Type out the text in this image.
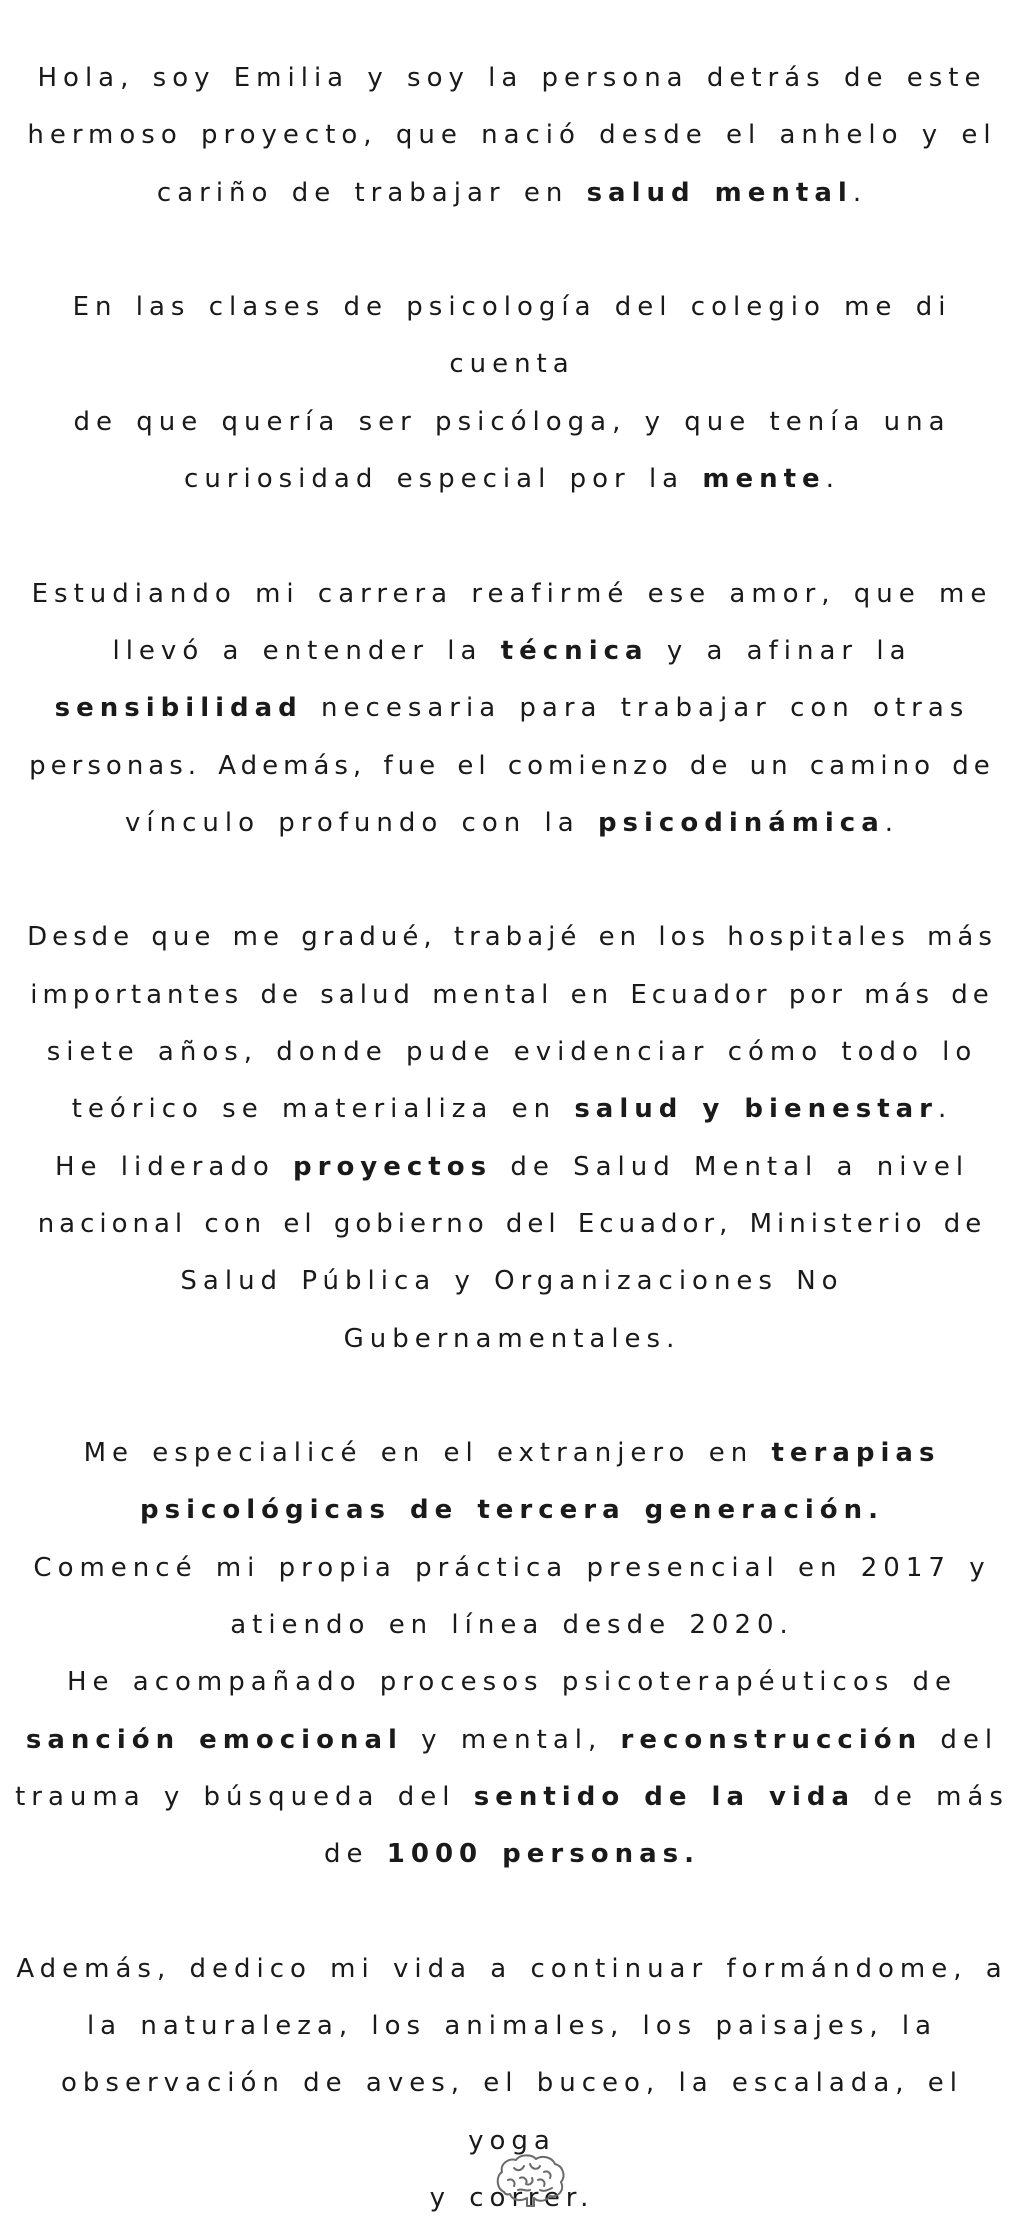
Hola, soy Emilia y soy la persona detrás de este
hermoso proyecto, que nació desde el anhelo y el
cariño de trabajar en salud mental.
En las clases de psicología del colegio me di cuenta
de que quería ser psicóloga, y que tenía una
curiosidad especial por la mente.
Estudiando mi carrera reafirmé ese amor, que me
llevó a entender la técnica y a afinar la
sensibilidad necesaria para trabajar con otras
personas. Además, fue el comienzo de un camino de
vínculo profundo con la psicodinámica.
Desde que me gradué, trabajé en los hospitales más
importantes de salud mental en Ecuador por más de
siete años, donde pude evidenciar cómo todo lo
teórico se materializa en salud y bienestar.
He liderado proyectos de Salud Mental a nivel
nacional con el gobierno del Ecuador, Ministerio de
Salud Pública y Organizaciones No
Gubernamentales.
Me especialicé en el extranjero en terapias
psicológicas de tercera generación.
Comencé mi propia práctica presencial en 2017 y
atiendo en línea desde 2020.
He acompañado procesos psicoterapéuticos de
sanción emocional y mental, reconstrucción del
trauma y búsqueda del sentido de la vida de más
de 1000 personas.
Además, dedico mi vida a continuar formándome, a
la naturaleza, los animales, los paisajes, la
observación de aves, el buceo, la escalada, el yoga
y correr.
